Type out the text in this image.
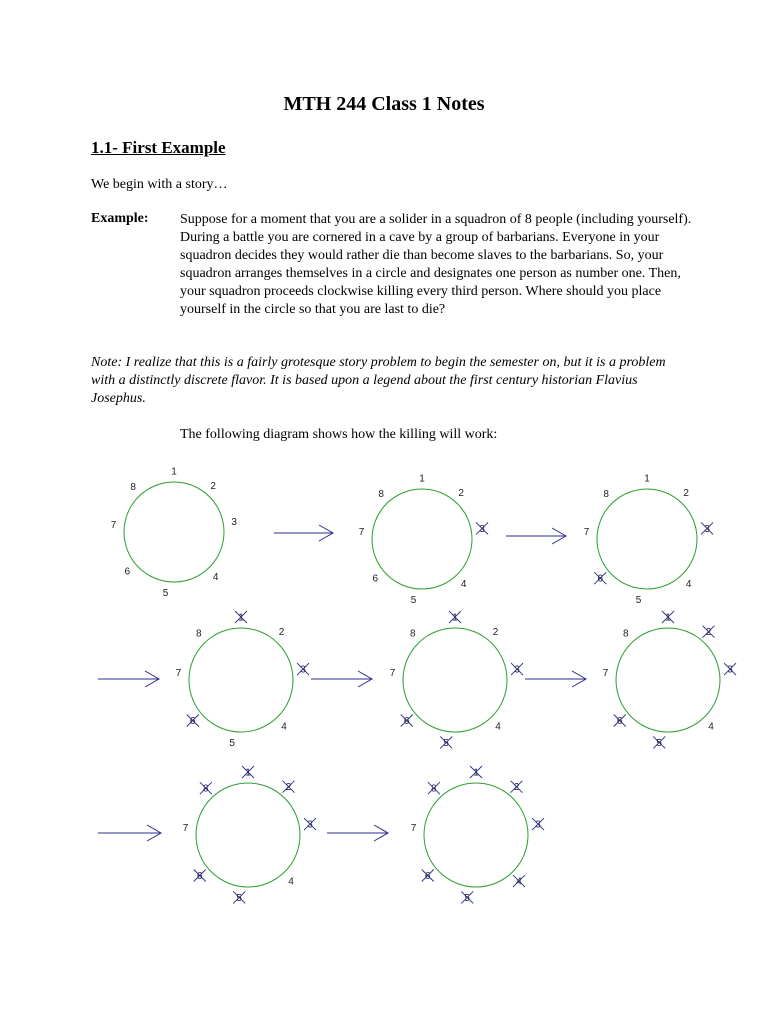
MTH 244 Class 1 Notes
1.1- First Example
We begin with a story…
Example: Suppose for a moment that you are a solider in a squadron of 8 people (including yourself). During a battle you are cornered in a cave by a group of barbarians. Everyone in your squadron decides they would rather die than become slaves to the barbarians. So, your squadron arranges themselves in a circle and designates one person as number one. Then, your squadron proceeds clockwise killing every third person. Where should you place yourself in the circle so that you are last to die?
Note: I realize that this is a fairly grotesque story problem to begin the semester on, but it is a problem with a distinctly discrete flavor. It is based upon a legend about the first century historian Flavius Josephus.
The following diagram shows how the killing will work:
1
2
3
4
5
6
7
8
1
2
3
4
5
6
7
8
1
2
3
4
5
6
7
8
1
2
3
4
5
6
7
8
1
2
3
4
5
6
7
8
1
2
3
4
5
6
7
8
1
2
3
4
5
6
7
8
1
2
3
4
5
6
7
8
